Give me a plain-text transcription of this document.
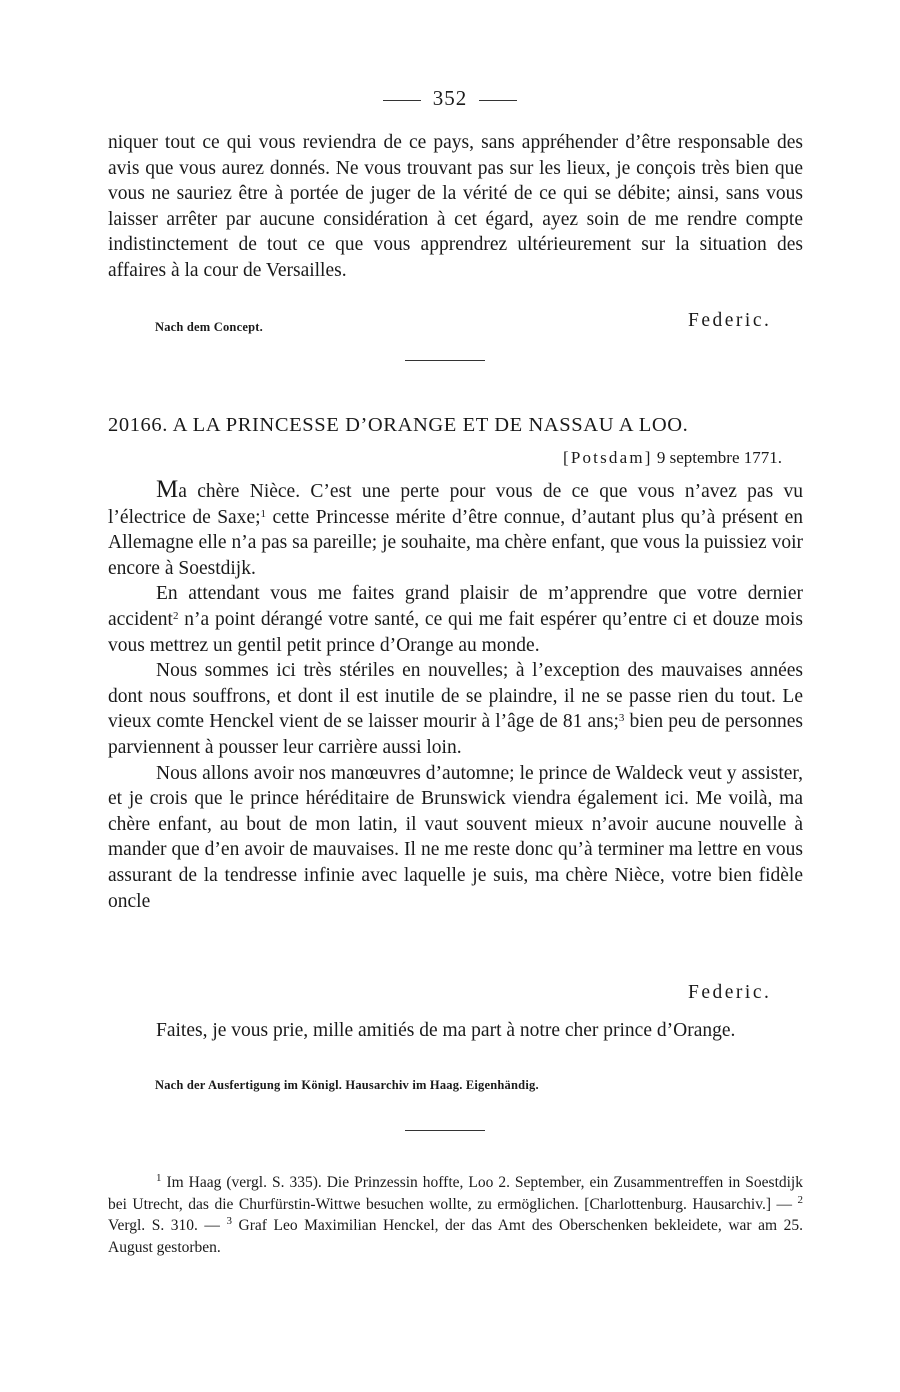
352

niquer tout ce qui vous reviendra de ce pays, sans appréhender d’être responsable des avis que vous aurez donnés. Ne vous trouvant pas sur les lieux, je conçois très bien que vous ne sauriez être à portée de juger de la vérité de ce qui se débite; ainsi, sans vous laisser arrêter par aucune considération à cet égard, ayez soin de me rendre compte indistinctement de tout ce que vous apprendrez ultérieurement sur la situation des affaires à la cour de Versailles.

Nach dem Concept.	Federic.
20166. A LA PRINCESSE D’ORANGE ET DE NASSAU A LOO.
[Potsdam] 9 septembre 1771.

Ma chère Nièce. C’est une perte pour vous de ce que vous n’avez pas vu l’électrice de Saxe;$^1$ cette Princesse mérite d’être connue, d’autant plus qu’à présent en Allemagne elle n’a pas sa pareille; je souhaite, ma chère enfant, que vous la puissiez voir encore à Soestdijk.

En attendant vous me faites grand plaisir de m’apprendre que votre dernier accident$^2$ n’a point dérangé votre santé, ce qui me fait espérer qu’entre ci et douze mois vous mettrez un gentil petit prince d’Orange au monde.

Nous sommes ici très stériles en nouvelles; à l’exception des mauvaises années dont nous souffrons, et dont il est inutile de se plaindre, il ne se passe rien du tout. Le vieux comte Henckel vient de se laisser mourir à l’âge de 81 ans;$^3$ bien peu de personnes parviennent à pousser leur carrière aussi loin.

Nous allons avoir nos manœuvres d’automne; le prince de Waldeck veut y assister, et je crois que le prince héréditaire de Brunswick viendra également ici. Me voilà, ma chère enfant, au bout de mon latin, il vaut souvent mieux n’avoir aucune nouvelle à mander que d’en avoir de mauvaises. Il ne me reste donc qu’à terminer ma lettre en vous assurant de la tendresse infinie avec laquelle je suis, ma chère Nièce, votre bien fidèle oncle

Federic.

Faites, je vous prie, mille amitiés de ma part à notre cher prince d’Orange.

Nach der Ausfertigung im Königl. Hausarchiv im Haag. Eigenhändig.

$^1$ Im Haag (vergl. S. 335). Die Prinzessin hoffte, Loo 2. September, ein Zusammentreffen in Soestdijk bei Utrecht, das die Churfürstin-Wittwe besuchen wollte, zu ermöglichen. [Charlottenburg. Hausarchiv.] — $^2$ Vergl. S. 310. — $^3$ Graf Leo Maximilian Henckel, der das Amt des Oberschenken bekleidete, war am 25. August gestorben.
